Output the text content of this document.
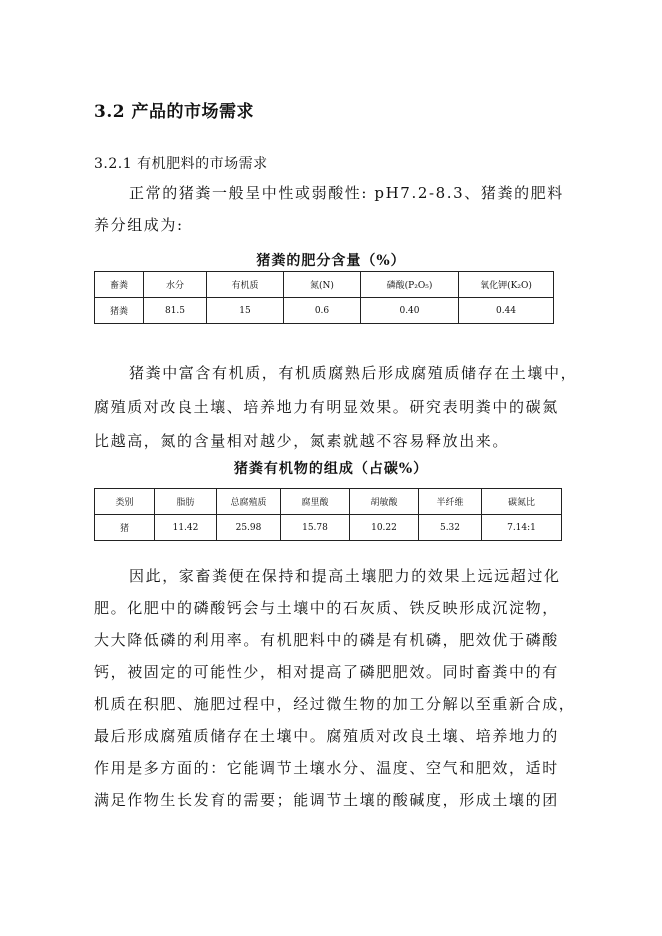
3.2 产品的市场需求
3.2.1 有机肥料的市场需求
正常的猪粪一般呈中性或弱酸性: pH7.2-8.3、猪粪的肥料
养分组成为:
猪粪的肥分含量（%）
畜粪	水分	有机质	氮(N)	磷酸(P₂O₅)	氧化钾(K₂O)
猪粪	81.5	15	0.6	0.40	0.44
猪粪中富含有机质，有机质腐熟后形成腐殖质储存在土壤中，
腐殖质对改良土壤、培养地力有明显效果。研究表明粪中的碳氮
比越高，氮的含量相对越少，氮素就越不容易释放出来。
猪粪有机物的组成（占碳%）
类别	脂肪	总腐殖质	腐里酸	胡敏酸	半纤维	碳氮比
猪	11.42	25.98	15.78	10.22	5.32	7.14:1
因此，家畜粪便在保持和提高土壤肥力的效果上远远超过化
肥。化肥中的磷酸钙会与土壤中的石灰质、铁反映形成沉淀物，
大大降低磷的利用率。有机肥料中的磷是有机磷，肥效优于磷酸
钙，被固定的可能性少，相对提高了磷肥肥效。同时畜粪中的有
机质在积肥、施肥过程中，经过微生物的加工分解以至重新合成，
最后形成腐殖质储存在土壤中。腐殖质对改良土壤、培养地力的
作用是多方面的：它能调节土壤水分、温度、空气和肥效，适时
满足作物生长发育的需要；能调节土壤的酸碱度，形成土壤的团
